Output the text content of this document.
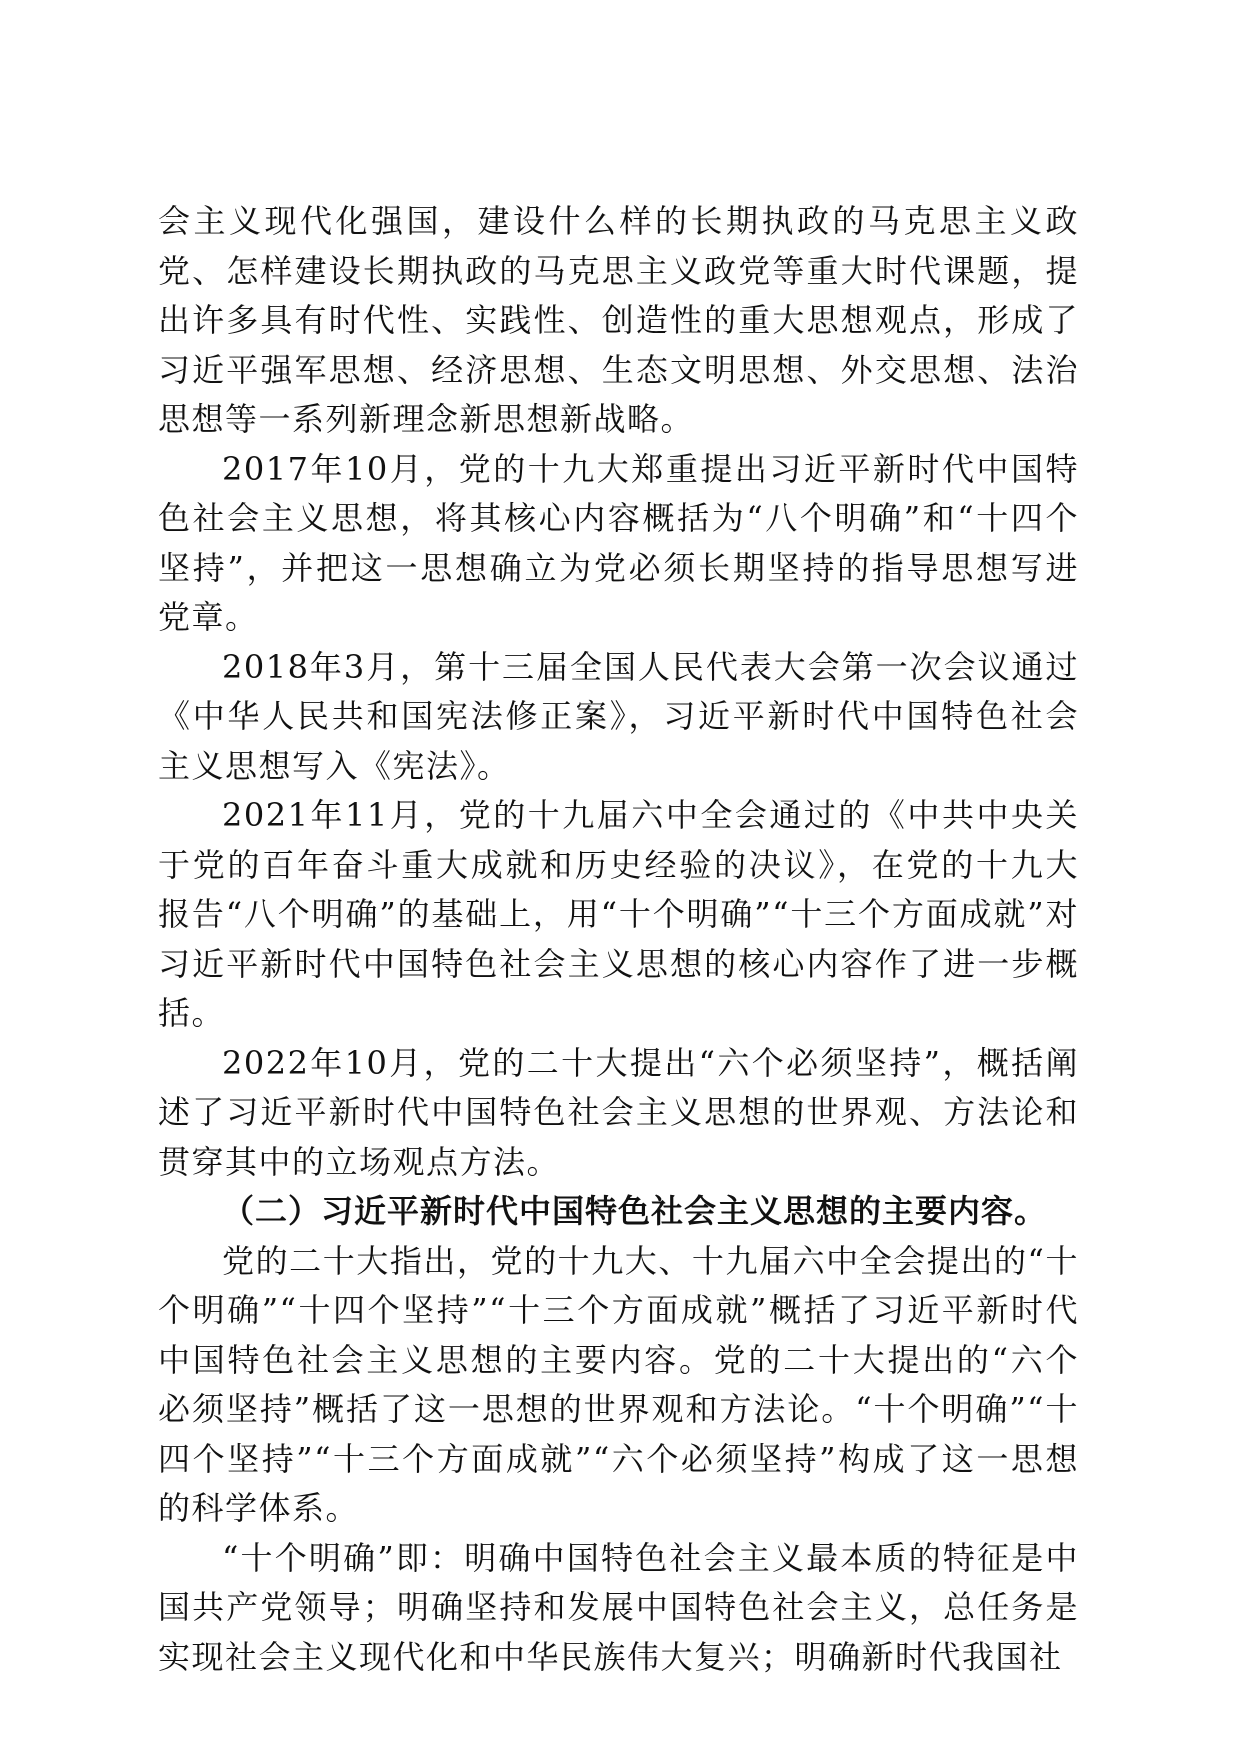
会主义现代化强国，建设什么样的长期执政的马克思主义政党、怎样建设长期执政的马克思主义政党等重大时代课题，提出许多具有时代性、实践性、创造性的重大思想观点，形成了习近平强军思想、经济思想、生态文明思想、外交思想、法治思想等一系列新理念新思想新战略。

2017年10月，党的十九大郑重提出习近平新时代中国特色社会主义思想，将其核心内容概括为“八个明确”和“十四个坚持”，并把这一思想确立为党必须长期坚持的指导思想写进党章。

2018年3月，第十三届全国人民代表大会第一次会议通过《中华人民共和国宪法修正案》，习近平新时代中国特色社会主义思想写入《宪法》。

2021年11月，党的十九届六中全会通过的《中共中央关于党的百年奋斗重大成就和历史经验的决议》，在党的十九大报告“八个明确”的基础上，用“十个明确”“十三个方面成就”对习近平新时代中国特色社会主义思想的核心内容作了进一步概括。

2022年10月，党的二十大提出“六个必须坚持”，概括阐述了习近平新时代中国特色社会主义思想的世界观、方法论和贯穿其中的立场观点方法。

（二）习近平新时代中国特色社会主义思想的主要内容。

党的二十大指出，党的十九大、十九届六中全会提出的“十个明确”“十四个坚持”“十三个方面成就”概括了习近平新时代中国特色社会主义思想的主要内容。党的二十大提出的“六个必须坚持”概括了这一思想的世界观和方法论。“十个明确”“十四个坚持”“十三个方面成就”“六个必须坚持”构成了这一思想的科学体系。

“十个明确”即：明确中国特色社会主义最本质的特征是中国共产党领导；明确坚持和发展中国特色社会主义，总任务是实现社会主义现代化和中华民族伟大复兴；明确新时代我国社
